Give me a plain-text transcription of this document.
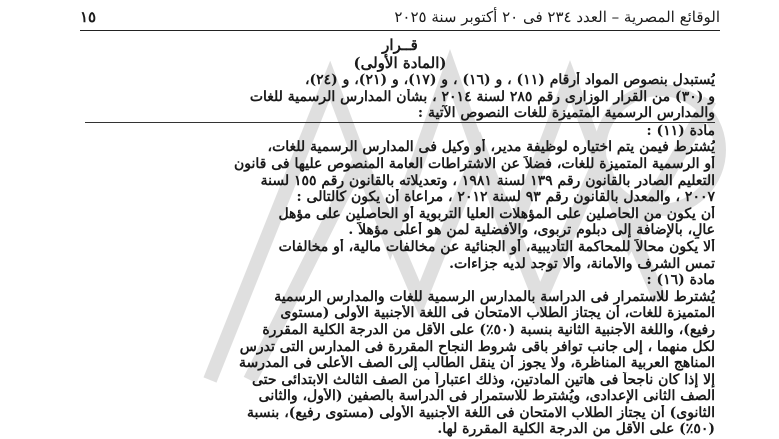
الوقائع المصرية – العدد ٢٣٤ فى ٢٠ أكتوبر سنة ٢٠٢٥
١٥
قــرار
(المادة الأولى)
يُستبدل بنصوص المواد أرقام (١١) ، و (١٦) ، و (١٧)، و (٢١)، و (٢٤)،
و (٣٠) من القرار الوزارى رقم ٢٨٥ لسنة ٢٠١٤ ، بشأن المدارس الرسمية للغات
والمدارس الرسمية المتميزة للغات النصوص الآتية :
مادة (١١) :
يُشترط فيمن يتم اختياره لوظيفة مدير، أو وكيل فى المدارس الرسمية للغات،
أو الرسمية المتميزة للغات، فضلاً عن الاشتراطات العامة المنصوص عليها فى قانون
التعليم الصادر بالقانون رقم ١٣٩ لسنة ١٩٨١ ، وتعديلاته بالقانون رقم ١٥٥ لسنة
٢٠٠٧ ، والمعدل بالقانون رقم ٩٣ لسنة ٢٠١٢ ، مراعاة أن يكون كالتالى :
أن يكون من الحاصلين على المؤهلات العليا التربوية أو الحاصلين على مؤهل
عالٍ، بالإضافة إلى دبلوم تربوى، والأفضلية لمن هو أعلى مؤهلاً .
ألا يكون محالاً للمحاكمة التأديبية، أو الجنائية عن مخالفات مالية، أو مخالفات
تمس الشرف والأمانة، وألا توجد لديه جزاءات.
مادة (١٦) :
يُشترط للاستمرار فى الدراسة بالمدارس الرسمية للغات والمدارس الرسمية
المتميزة للغات، أن يجتاز الطلاب الامتحان فى اللغة الأجنبية الأولى (مستوى
رفيع)، واللغة الأجنبية الثانية بنسبة (٥٠٪) على الأقل من الدرجة الكلية المقررة
لكل منهما ، إلى جانب توافر باقى شروط النجاح المقررة فى المدارس التى تدرس
المناهج العربية المناظرة، ولا يجوز أن ينقل الطالب إلى الصف الأعلى فى المدرسة
إلا إذا كان ناجحاً فى هاتين المادتين، وذلك اعتباراً من الصف الثالث الابتدائى حتى
الصف الثانى الإعدادى، ويُشترط للاستمرار فى الدراسة بالصفين (الأول، والثانى
الثانوى) أن يجتاز الطلاب الامتحان فى اللغة الأجنبية الأولى (مستوى رفيع)، بنسبة
(٥٠٪) على الأقل من الدرجة الكلية المقررة لها.
